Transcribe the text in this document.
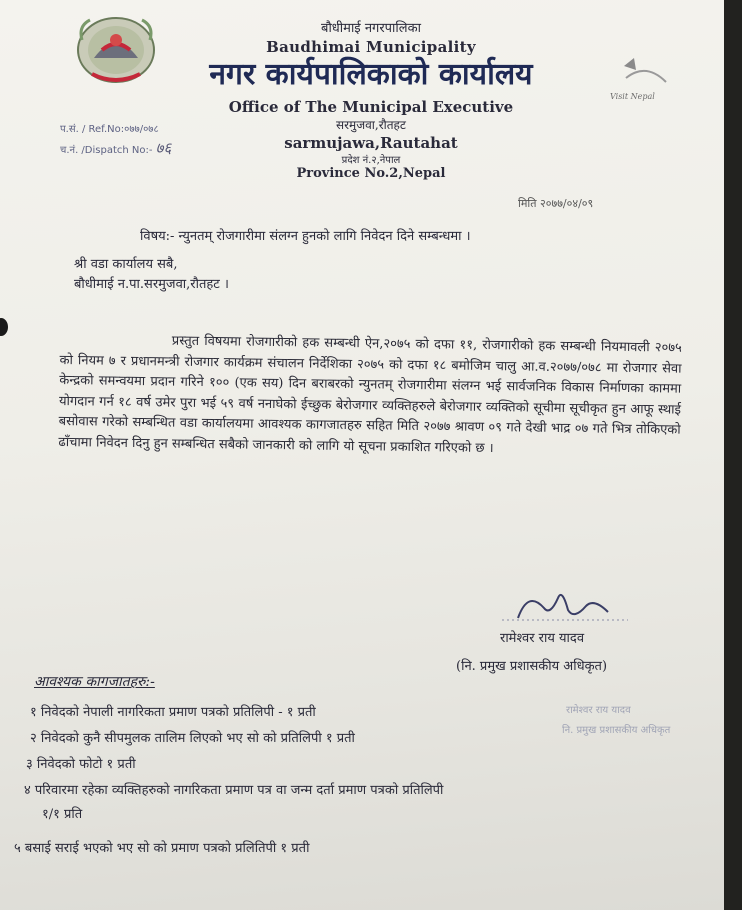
बौधीमाई नगरपालिका
Baudhimai Municipality
नगर कार्यपालिकाको कार्यालय
Office of The Municipal Executive
सरमुजवा,रौतहट
sarmujawa,Rautahat
प्रदेश नं.२,नेपाल
Province No.2,Nepal
Visit Nepal
प.सं. / Ref.No:०७७/०७८
च.नं. /Dispatch No:- ७६
मिति २०७७/०४/०९
विषय:- न्युनतम् रोजगारीमा संलग्न हुनको लागि निवेदन दिने सम्बन्धमा ।
श्री वडा कार्यालय सबै,
बौधीमाई न.पा.सरमुजवा,रौतहट ।
प्रस्तुत विषयमा रोजगारीको हक सम्बन्धी ऐन,२०७५ को दफा ११, रोजगारीको हक सम्बन्धी नियमावली २०७५ को नियम ७ र प्रधानमन्त्री रोजगार कार्यक्रम संचालन निर्देशिका २०७५ को दफा १८ बमोजिम चालु आ.व.२०७७/०७८ मा रोजगार सेवा केन्द्रको समन्वयमा प्रदान गरिने १०० (एक सय) दिन बराबरको न्युनतम् रोजगारीमा संलग्न भई सार्वजनिक विकास निर्माणका काममा योगदान गर्न १८ वर्ष उमेर पुरा भई ५९ वर्ष ननाघेको ईच्छुक बेरोजगार व्यक्तिहरुले बेरोजगार व्यक्तिको सूचीमा सूचीकृत हुन आफू स्थाई बसोवास गरेको सम्बन्धित वडा कार्यालयमा आवश्यक कागजातहरु सहित मिति २०७७ श्रावण ०९ गते देखी भाद्र ०७ गते भित्र तोकिएको ढाँचामा निवेदन दिनु हुन सम्बन्धित सबैको जानकारी को लागि यो सूचना प्रकाशित गरिएको छ ।
रामेश्वर राय यादव
(नि. प्रमुख प्रशासकीय अधिकृत)
आवश्यक कागजातहरु:-
१ निवेदको नेपाली नागरिकता प्रमाण पत्रको प्रतिलिपी - १ प्रती
२ निवेदको कुनै सीपमुलक तालिम लिएको भए सो को प्रतिलिपी १ प्रती
३ निवेदको फोटो १ प्रती
४ परिवारमा रहेका व्यक्तिहरुको नागरिकता प्रमाण पत्र वा जन्म दर्ता प्रमाण पत्रको प्रतिलिपी
१/१ प्रति
५ बसाई सराई भएको भए सो को प्रमाण पत्रको प्रलितिपी १ प्रती
रामेश्वर राय यादव
नि. प्रमुख प्रशासकीय अधिकृत
